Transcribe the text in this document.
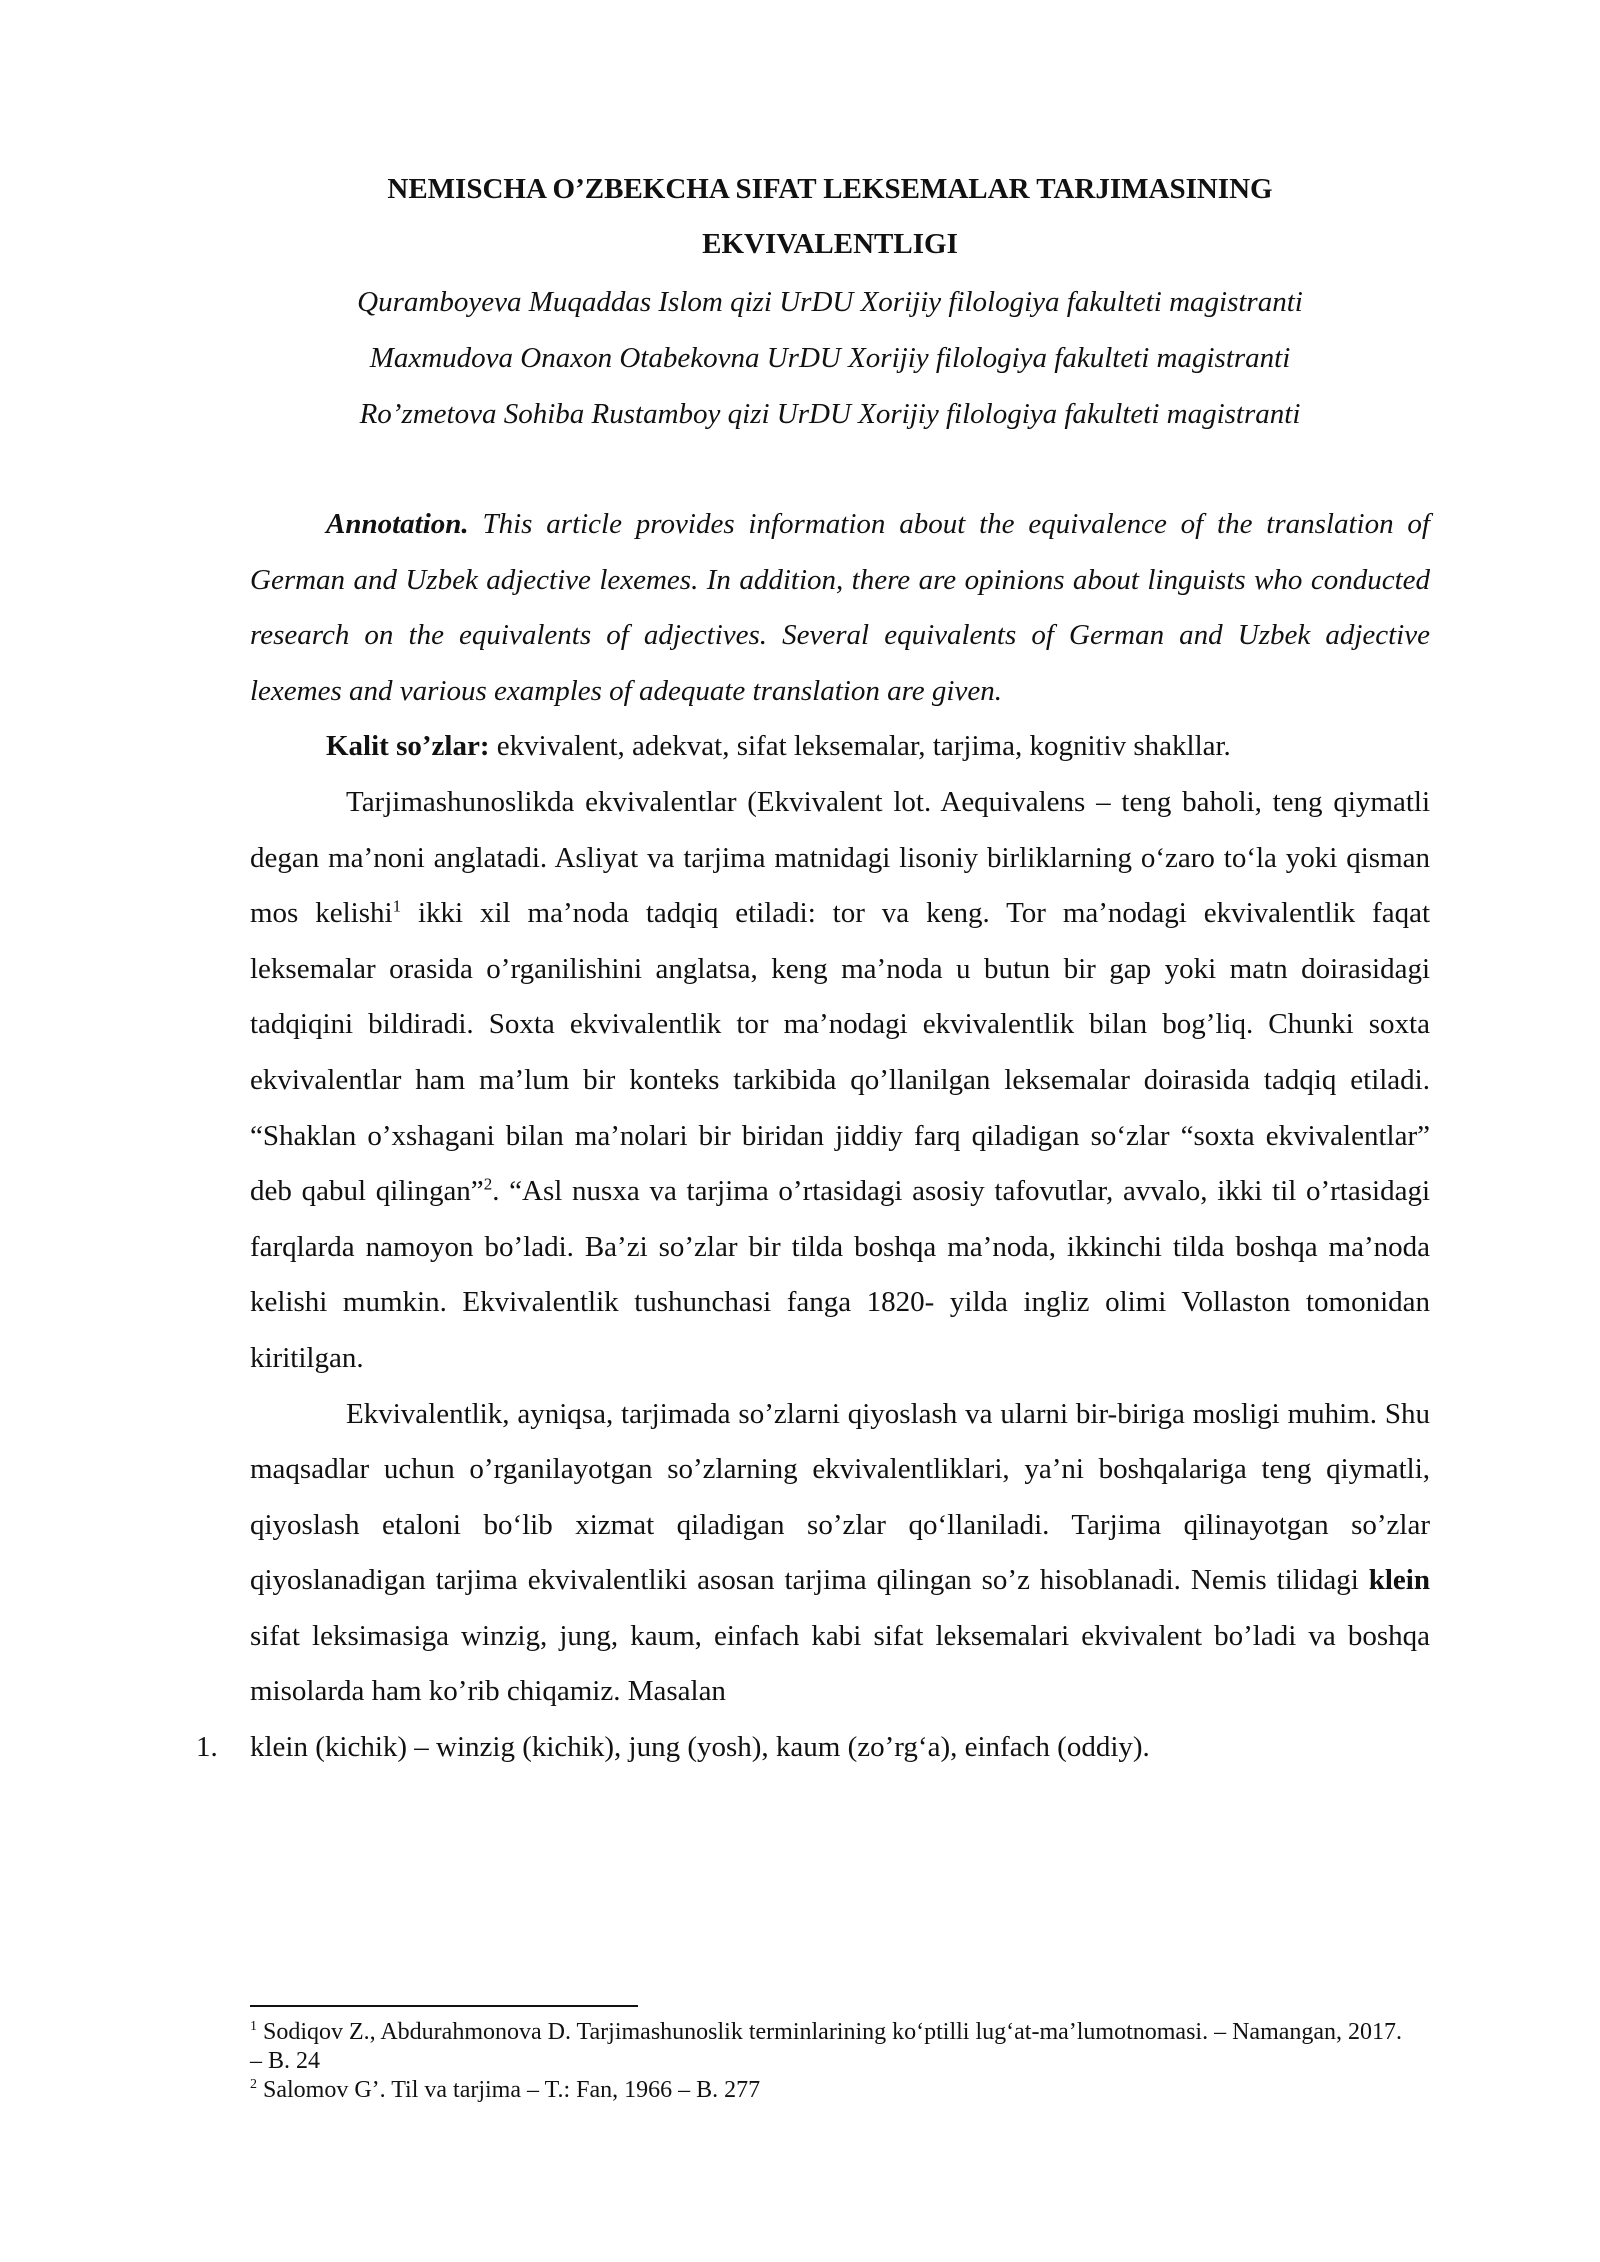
NEMISCHA O’ZBEKCHA SIFAT LEKSEMALAR TARJIMASINING
EKVIVALENTLIGI
Quramboyeva Muqaddas Islom qizi UrDU Xorijiy filologiya fakulteti magistranti
Maxmudova Onaxon Otabekovna UrDU Xorijiy filologiya fakulteti magistranti
Ro’zmetova Sohiba Rustamboy qizi UrDU Xorijiy filologiya fakulteti magistranti

Annotation. This article provides information about the equivalence of the translation of German and Uzbek adjective lexemes. In addition, there are opinions about linguists who conducted research on the equivalents of adjectives. Several equivalents of German and Uzbek adjective lexemes and various examples of adequate translation are given.

Kalit so’zlar: ekvivalent, adekvat, sifat leksemalar, tarjima, kognitiv shakllar.

Tarjimashunoslikda ekvivalentlar (Ekvivalent lot. Aequivalens – teng baholi, teng qiymatli degan ma’noni anglatadi. Asliyat va tarjima matnidagi lisoniy birliklarning o‘zaro to‘la yoki qisman mos kelishi$^1$ ikki xil ma’noda tadqiq etiladi: tor va keng. Tor ma’nodagi ekvivalentlik faqat leksemalar orasida o’rganilishini anglatsa, keng ma’noda u butun bir gap yoki matn doirasidagi tadqiqini bildiradi. Soxta ekvivalentlik tor ma’nodagi ekvivalentlik bilan bog’liq. Chunki soxta ekvivalentlar ham ma’lum bir konteks tarkibida qo’llanilgan leksemalar doirasida tadqiq etiladi. “Shaklan o’xshagani bilan ma’nolari bir biridan jiddiy farq qiladigan so‘zlar “soxta ekvivalentlar” deb qabul qilingan”$^2$. “Asl nusxa va tarjima o’rtasidagi asosiy tafovutlar, avvalo, ikki til o’rtasidagi farqlarda namoyon bo’ladi. Ba’zi so’zlar bir tilda boshqa ma’noda, ikkinchi tilda boshqa ma’noda kelishi mumkin. Ekvivalentlik tushunchasi fanga 1820- yilda ingliz olimi Vollaston tomonidan kiritilgan.

Ekvivalentlik, ayniqsa, tarjimada so’zlarni qiyoslash va ularni bir-biriga mosligi muhim. Shu maqsadlar uchun o’rganilayotgan so’zlarning ekvivalentliklari, ya’ni boshqalariga teng qiymatli, qiyoslash etaloni bo‘lib xizmat qiladigan so’zlar qo‘llaniladi. Tarjima qilinayotgan so’zlar qiyoslanadigan tarjima ekvivalentliki asosan tarjima qilingan so’z hisoblanadi. Nemis tilidagi klein sifat leksimasiga winzig, jung, kaum, einfach kabi sifat leksemalari ekvivalent bo’ladi va boshqa misolarda ham ko’rib chiqamiz. Masalan

1. klein (kichik) – winzig (kichik), jung (yosh), kaum (zo’rg‘a), einfach (oddiy).

$^1$ Sodiqov Z., Abdurahmonova D. Tarjimashunoslik terminlarining ko‘ptilli lug‘at-ma’lumotnomasi. – Namangan, 2017. – B. 24

$^2$ Salomov G’. Til va tarjima – T.: Fan, 1966 – B. 277
